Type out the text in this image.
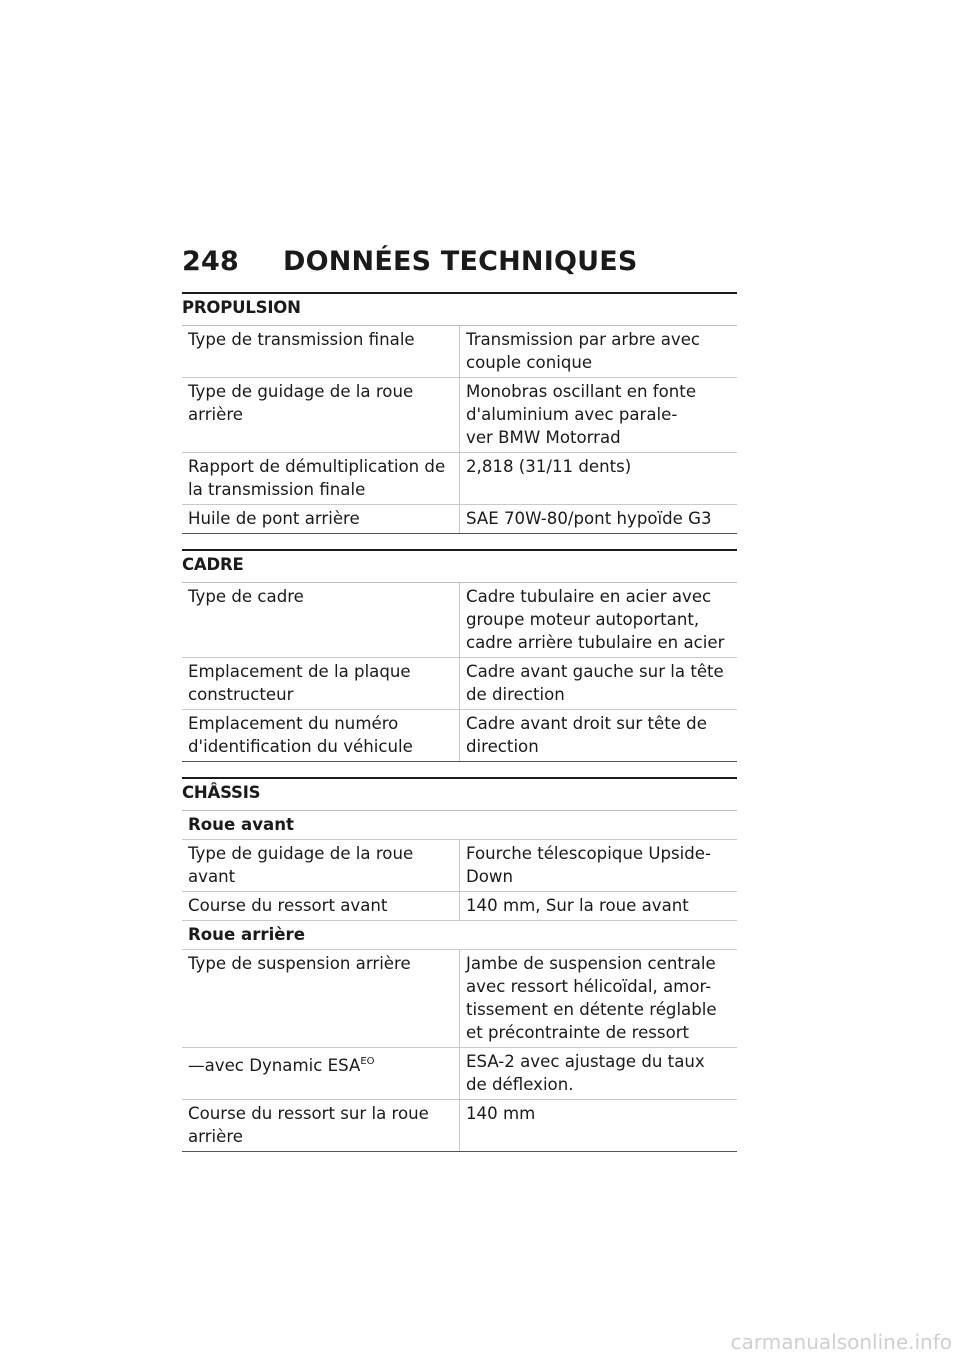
248 DONNÉES TECHNIQUES
PROPULSION
Type de transmission finale	Transmission par arbre avec
couple conique

Type de guidage de la roue
arrière	Monobras oscillant en fonte
d'aluminium avec parale-
ver BMW Motorrad

Rapport de démultiplication de
la transmission finale	2,818 (31/11 dents)

Huile de pont arrière	SAE 70W-80/pont hypoïde G3
CADRE
Type de cadre	Cadre tubulaire en acier avec
groupe moteur autoportant,
cadre arrière tubulaire en acier

Emplacement de la plaque
constructeur	Cadre avant gauche sur la tête
de direction

Emplacement du numéro
d'identification du véhicule	Cadre avant droit sur tête de
direction
CHÂSSIS
Roue avant	

Type de guidage de la roue
avant	Fourche télescopique Upside-
Down

Course du ressort avant	140 mm, Sur la roue avant

Roue arrière	

Type de suspension arrière	Jambe de suspension centrale
avec ressort hélicoïdal, amor-
tissement en détente réglable
et précontrainte de ressort

—avec Dynamic $ESA^{EO}$	ESA-2 avec ajustage du taux
de déflexion.

Course du ressort sur la roue
arrière	140 mm
carmanualsonline.info
